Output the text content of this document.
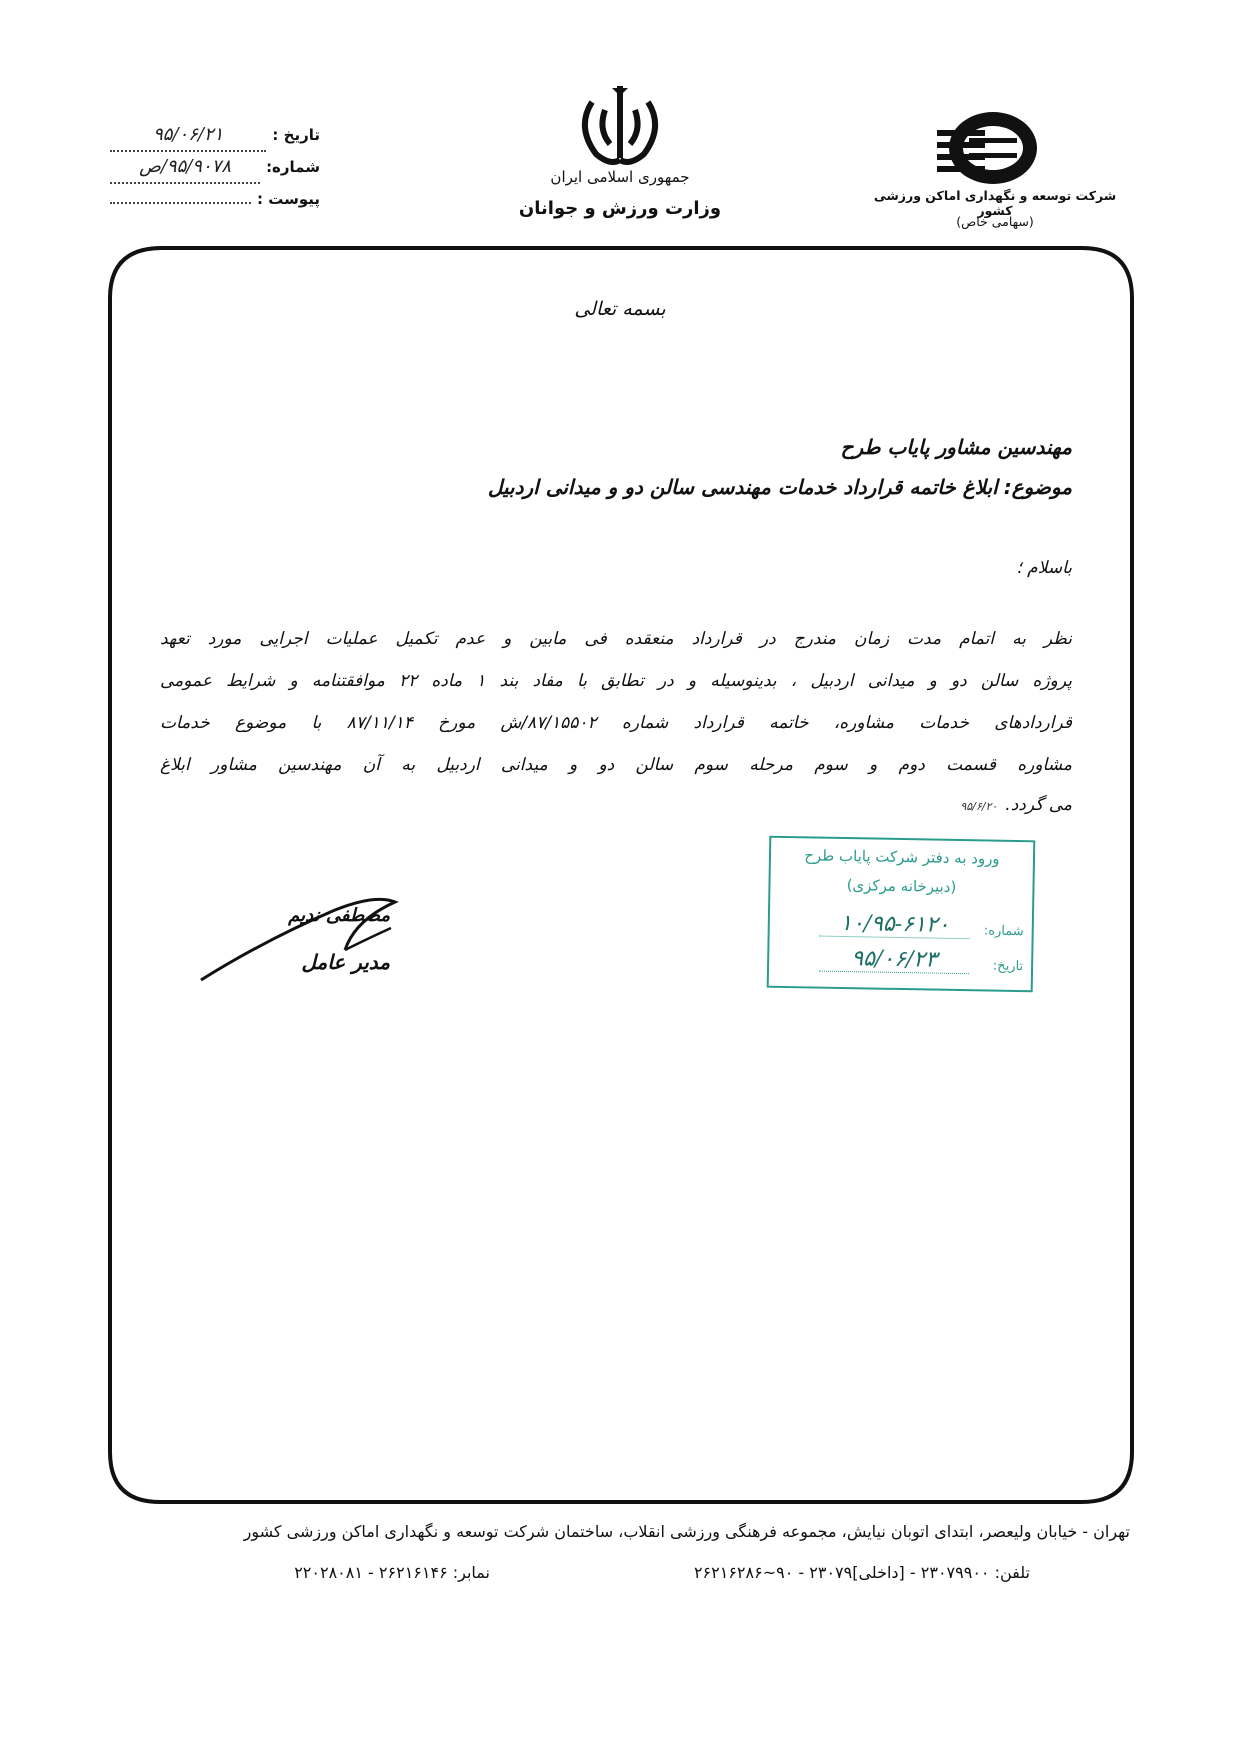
تاریخ :
۹۵/۰۶/۲۱
شماره:
۹۵/۹۰۷۸/ص
پیوست :
جمهوری اسلامی ایران
وزارت ورزش و جوانان
شرکت توسعه و نگهداری اماکن ورزشی کشور
(سهامی خاص)
بسمه تعالی
مهندسین مشاور پایاب طرح
موضوع:ابلاغ خاتمه قرارداد خدمات مهندسی سالن دو و میدانی اردبیل
باسلام ؛
نظر به اتمام مدت زمان مندرج در قرارداد منعقده فی مابین و عدم تکمیل عملیات اجرایی مورد تعهد
پروژه سالن دو و میدانی اردبیل ، بدینوسیله و در تطابق با مفاد بند ۱ ماده ۲۲ موافقتنامه و شرایط عمومی
قراردادهای خدمات مشاوره، خاتمه قرارداد شماره ۸۷/۱۵۵۰۲/ش مورخ ۸۷/۱۱/۱۴ با موضوع خدمات
مشاوره قسمت دوم و سوم مرحله سوم سالن دو و میدانی اردبیل به آن مهندسین مشاور ابلاغ
می گردد.۹۵/۶/۲۰
ورود به دفتر شرکت پایاب طرح
(دبیرخانه مرکزی)
شماره:
۱۰/۹۵-۶۱۲۰
تاریخ:
۹۵/۰۶/۲۳
مصطفی ندیم
مدیر عامل
تهران - خیابان ولیعصر، ابتدای اتوبان نیایش، مجموعه فرهنگی ورزشی انقلاب، ساختمان شرکت توسعه و نگهداری اماکن ورزشی کشور
تلفن: ۲۳۰۷۹۹۰۰ - [داخلی]۲۳۰۷۹ - ۹۰~۲۶۲۱۶۲۸۶
نمابر: ۲۶۲۱۶۱۴۶ - ۲۲۰۲۸۰۸۱
